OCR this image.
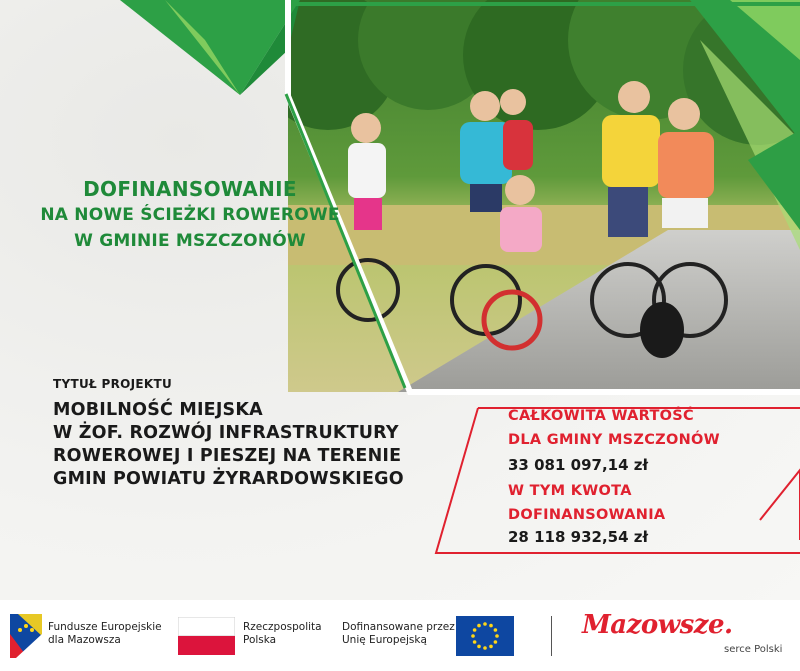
DOFINANSOWANIE
NA NOWE ŚCIEŻKI ROWEROWE
W GMINIE MSZCZONÓW
TYTUŁ PROJEKTU
MOBILNOŚĆ MIEJSKA
W ŻOF. ROZWÓJ INFRASTRUKTURY
ROWEROWEJ I PIESZEJ NA TERENIE
GMIN POWIATU ŻYRARDOWSKIEGO
CAŁKOWITA WARTOŚĆ
DLA GMINY MSZCZONÓW
33 081 097,14 zł
W TYM KWOTA
DOFINANSOWANIA
28 118 932,54 zł
Fundusze Europejskie
dla Mazowsza
Rzeczpospolita
Polska
Dofinansowane przez
Unię Europejską	Mazowsze.
serce Polski
